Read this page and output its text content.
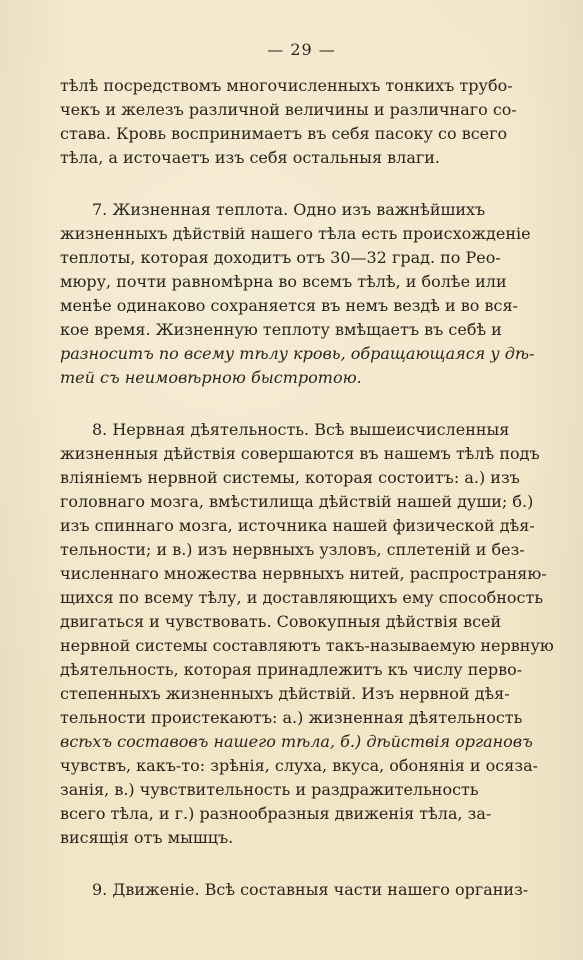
— 29 —
тѣлѣ посредствомъ многочисленныхъ тонкихъ трубо-
чекъ и железъ различной величины и различнаго со-
става. Кровь воспринимаетъ въ себя пасоку со всего
тѣла, а источаетъ изъ себя остальныя влаги.
7. Жизненная теплота. Одно изъ важнѣйшихъ
жизненныхъ дѣйствій нашего тѣла есть происхожденіе
теплоты, которая доходитъ отъ 30—32 град. по Рео-
мюру, почти равномѣрна во всемъ тѣлѣ, и болѣе или
менѣе одинаково сохраняется въ немъ вездѣ и во вся-
кое время. Жизненную теплоту вмѣщаетъ въ себѣ и
разноситъ по всему тѣлу кровь, обращающаяся у дѣ-
тей съ неимовѣрною быстротою.
8. Нервная дѣятельность. Всѣ вышеисчисленныя
жизненныя дѣйствія совершаются въ нашемъ тѣлѣ подъ
вліяніемъ нервной системы, которая состоитъ: а.) изъ
головнаго мозга, вмѣстилища дѣйствій нашей души; б.)
изъ спиннаго мозга, источника нашей физической дѣя-
тельности; и в.) изъ нервныхъ узловъ, сплетеній и без-
численнаго множества нервныхъ нитей, распространяю-
щихся по всему тѣлу, и доставляющихъ ему способность
двигаться и чувствовать. Совокупныя дѣйствія всей
нервной системы составляютъ такъ-называемую нервную
дѣятельность, которая принадлежитъ къ числу перво-
степенныхъ жизненныхъ дѣйствій. Изъ нервной дѣя-
тельности проистекаютъ: а.) жизненная дѣятельность
всѣхъ составовъ нашего тѣла, б.) дѣйствія органовъ
чувствъ, какъ-то: зрѣнія, слуха, вкуса, обонянія и осяза-
занія, в.) чувствительность и раздражительность
всего тѣла, и г.) разнообразныя движенія тѣла, за-
висящія отъ мышцъ.
9. Движеніе. Всѣ составныя части нашего организ-
